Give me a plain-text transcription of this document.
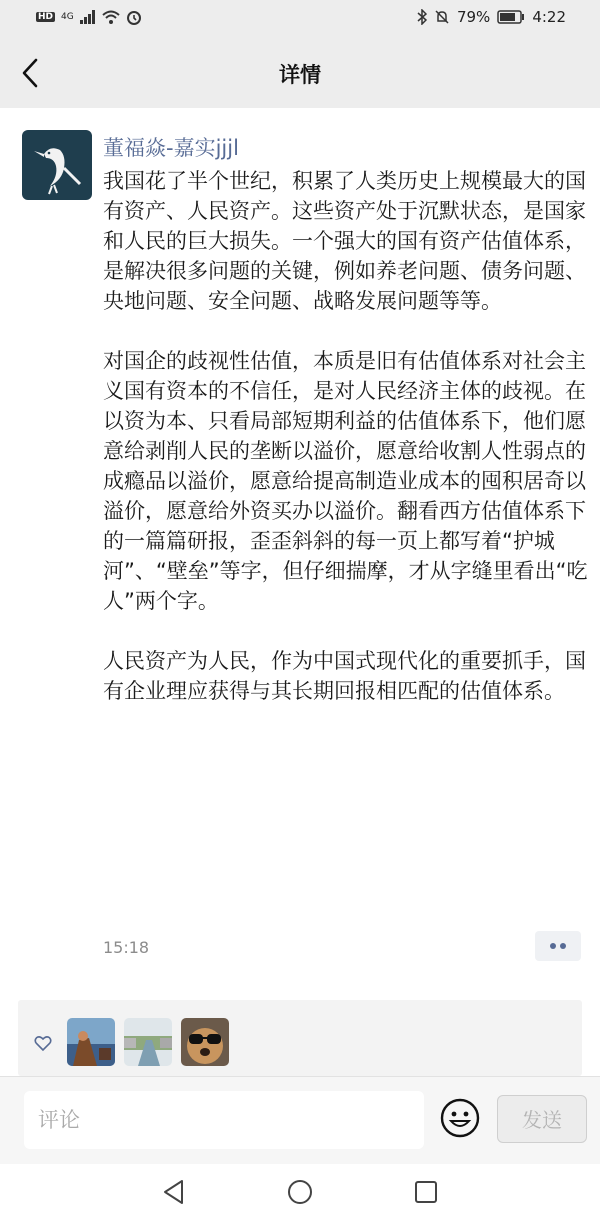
HD 4G	79%	4:22
详情
董福焱-嘉实jjjl

我国花了半个世纪，积累了人类历史上规模最大的国有资产、人民资产。这些资产处于沉默状态，是国家和人民的巨大损失。一个强大的国有资产估值体系，是解决很多问题的关键，例如养老问题、债务问题、央地问题、安全问题、战略发展问题等等。

对国企的歧视性估值，本质是旧有估值体系对社会主义国有资本的不信任，是对人民经济主体的歧视。在以资为本、只看局部短期利益的估值体系下，他们愿意给剥削人民的垄断以溢价，愿意给收割人性弱点的成瘾品以溢价，愿意给提高制造业成本的囤积居奇以溢价，愿意给外资买办以溢价。翻看西方估值体系下的一篇篇研报，歪歪斜斜的每一页上都写着“护城河”、“壁垒”等字，但仔细揣摩，才从字缝里看出“吃人”两个字。

人民资产为人民，作为中国式现代化的重要抓手，国有企业理应获得与其长期回报相匹配的估值体系。

15:18
评论	发送
